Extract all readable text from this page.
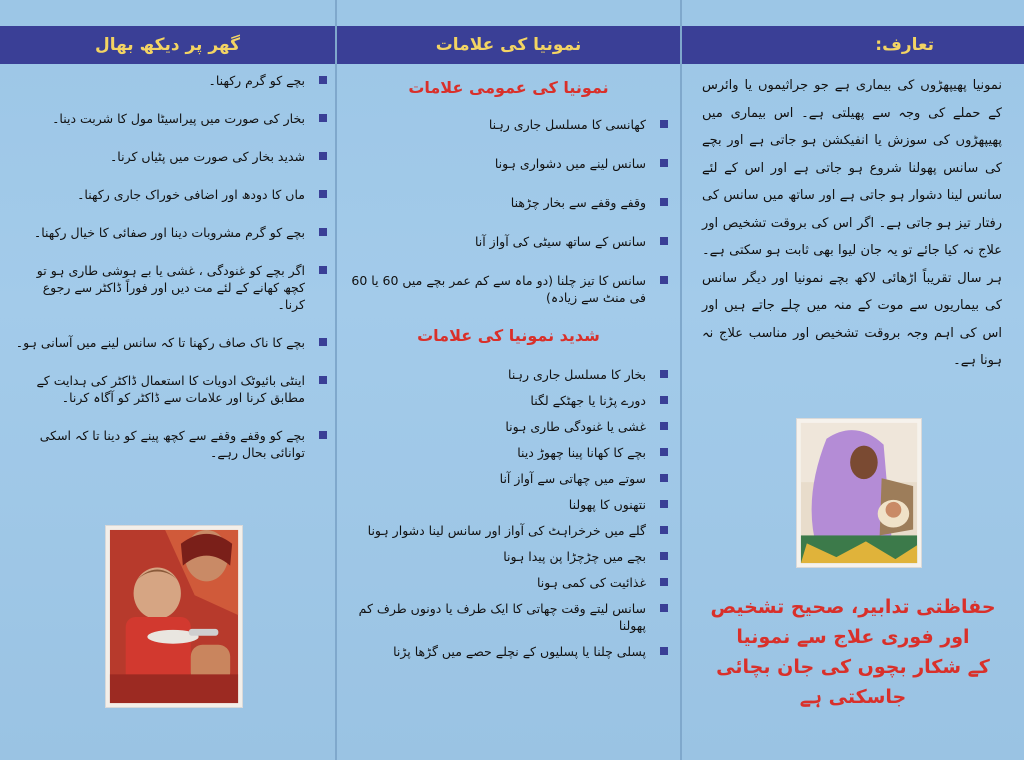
گھر پر دیکھ بھال
بچے کو گرم رکھنا۔
بخار کی صورت میں پیراسیٹا مول کا شربت دینا۔
شدید بخار کی صورت میں پٹیاں کرنا۔
ماں کا دودھ اور اضافی خوراک جاری رکھنا۔
بچے کو گرم مشروبات دینا اور صفائی کا خیال رکھنا۔
اگر بچے کو غنودگی ، غشی یا بے ہوشی طاری ہو تو کچھ کھانے کے لئے مت دیں اور فوراً ڈاکٹر سے رجوع کرنا۔
بچے کا ناک صاف رکھنا تا کہ سانس لینے میں آسانی ہو۔
اینٹی بائیوٹک ادویات کا استعمال ڈاکٹر کی ہدایت کے مطابق کرنا اور علامات سے ڈاکٹر کو آگاہ کرنا۔
بچے کو وقفے وقفے سے کچھ پینے کو دینا تا کہ اسکی توانائی بحال رہے۔
نمونیا کی علامات
نمونیا کی عمومی علامات
کھانسی کا مسلسل جاری رہنا
سانس لینے میں دشواری ہونا
وقفے وقفے سے بخار چڑھنا
سانس کے ساتھ سیٹی کی آواز آنا
سانس کا تیز چلنا (دو ماہ سے کم عمر بچے میں 60 یا 60 فی منٹ سے زیادہ)
شدید نمونیا کی علامات
بخار کا مسلسل جاری رہنا
دورے پڑنا یا جھٹکے لگنا
غشی یا غنودگی طاری ہونا
بچے کا کھانا پینا چھوڑ دینا
سوتے میں چھاتی سے آواز آنا
نتھنوں کا پھولنا
گلے میں خرخراہٹ کی آواز اور سانس لینا دشوار ہونا
بچے میں چڑچڑا پن پیدا ہونا
غذائیت کی کمی ہونا
سانس لیتے وقت چھاتی کا ایک طرف یا دونوں طرف کم پھولنا
پسلی چلنا یا پسلیوں کے نچلے حصے میں گڑھا پڑنا
تعارف:
نمونیا پھیپھڑوں کی بیماری ہے جو جراثیموں یا وائرس کے حملے کی وجہ سے پھیلتی ہے۔ اس بیماری میں پھیپھڑوں کی سوزش یا انفیکشن ہو جاتی ہے اور بچے کی سانس پھولنا شروع ہو جاتی ہے اور اس کے لئے سانس لینا دشوار ہو جاتی ہے اور ساتھ میں سانس کی رفتار تیز ہو جاتی ہے۔ اگر اس کی بروقت تشخیص اور علاج نہ کیا جائے تو یہ جان لیوا بھی ثابت ہو سکتی ہے۔ ہر سال تقریباً اڑھائی لاکھ بچے نمونیا اور دیگر سانس کی بیماریوں سے موت کے منہ میں چلے جاتے ہیں اور اس کی اہم وجہ بروقت تشخیص اور مناسب علاج نہ ہونا ہے۔
حفاظتی تدابیر، صحیح تشخیص
اور فوری علاج سے نمونیا
کے شکار بچوں کی جان بچائی جاسکتی ہے
